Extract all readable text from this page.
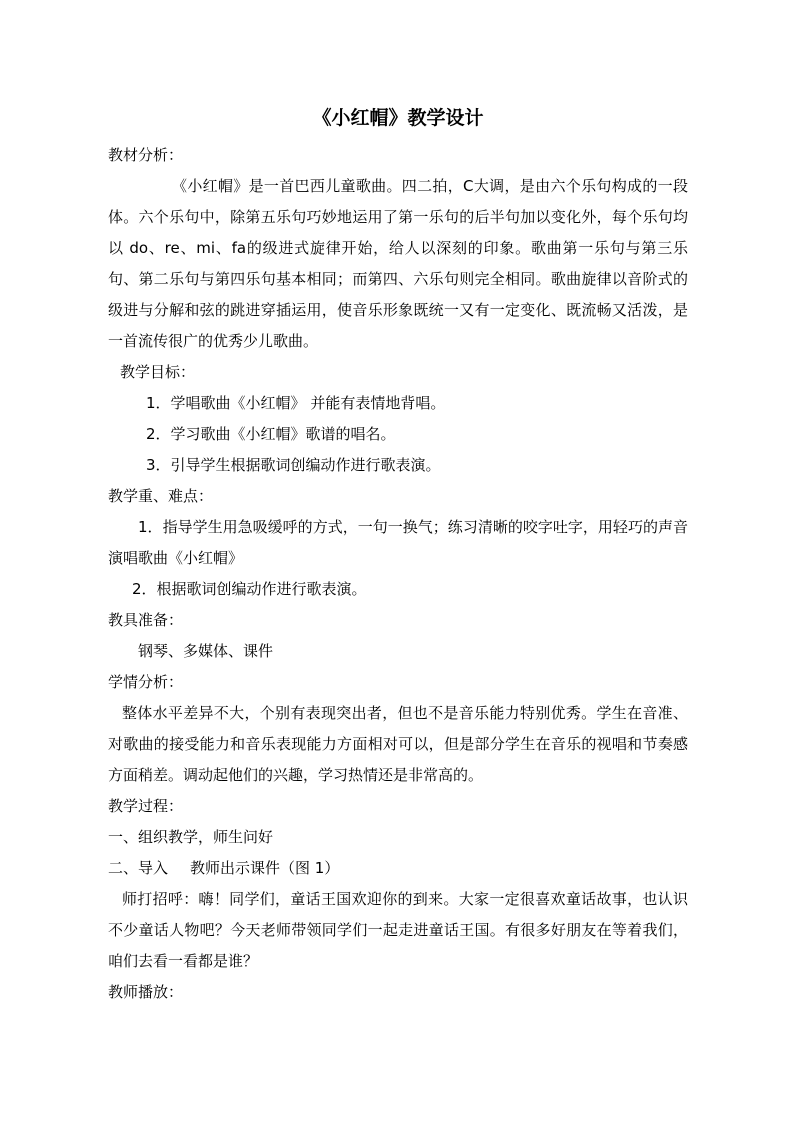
《小红帽》教学设计

教材分析：

《小红帽》是一首巴西儿童歌曲。四二拍，C大调，是由六个乐句构成的一段体。六个乐句中，除第五乐句巧妙地运用了第一乐句的后半句加以变化外，每个乐句均以 do、re、mi、fa的级进式旋律开始，给人以深刻的印象。歌曲第一乐句与第三乐句、第二乐句与第四乐句基本相同；而第四、六乐句则完全相同。歌曲旋律以音阶式的级进与分解和弦的跳进穿插运用，使音乐形象既统一又有一定变化、既流畅又活泼，是一首流传很广的优秀少儿歌曲。

教学目标：

1．学唱歌曲《小红帽》 并能有表情地背唱。

2．学习歌曲《小红帽》歌谱的唱名。

3．引导学生根据歌词创编动作进行歌表演。

教学重、难点：

1．指导学生用急吸缓呼的方式，一句一换气；练习清晰的咬字吐字，用轻巧的声音演唱歌曲《小红帽》

2．根据歌词创编动作进行歌表演。

教具准备：

钢琴、多媒体、课件

学情分析：

整体水平差异不大，个别有表现突出者，但也不是音乐能力特别优秀。学生在音准、对歌曲的接受能力和音乐表现能力方面相对可以，但是部分学生在音乐的视唱和节奏感方面稍差。调动起他们的兴趣，学习热情还是非常高的。

教学过程：

一、组织教学，师生问好

二、导入 教师出示课件（图 1）

师打招呼：嗨！同学们，童话王国欢迎你的到来。大家一定很喜欢童话故事，也认识不少童话人物吧？今天老师带领同学们一起走进童话王国。有很多好朋友在等着我们，咱们去看一看都是谁？

教师播放：
